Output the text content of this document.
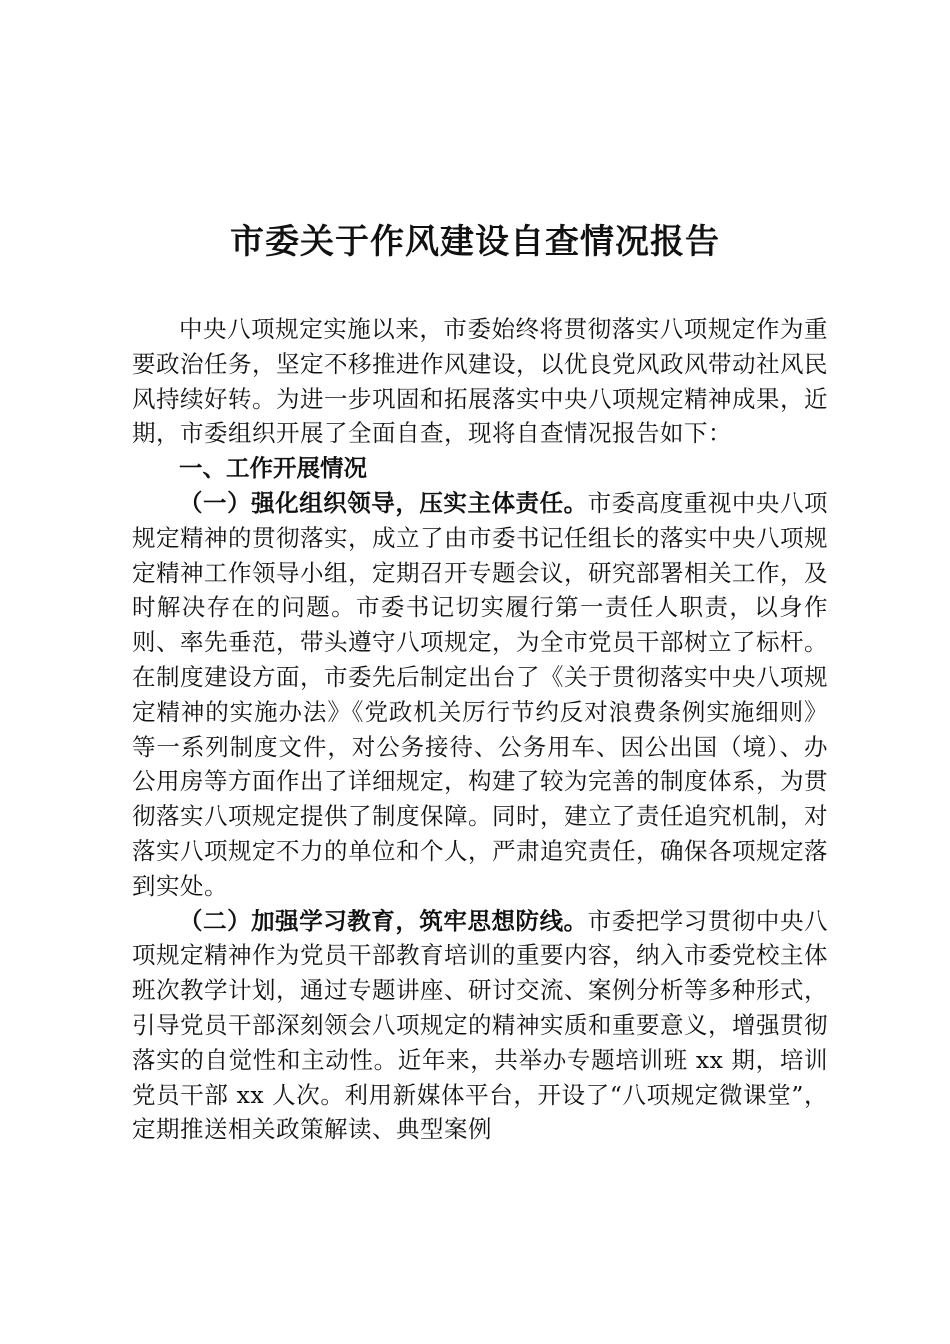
市委关于作风建设自查情况报告

中央八项规定实施以来，市委始终将贯彻落实八项规定作为重要政治任务，坚定不移推进作风建设，以优良党风政风带动社风民风持续好转。为进一步巩固和拓展落实中央八项规定精神成果，近期，市委组织开展了全面自查，现将自查情况报告如下：

一、工作开展情况

（一）强化组织领导，压实主体责任。市委高度重视中央八项规定精神的贯彻落实，成立了由市委书记任组长的落实中央八项规定精神工作领导小组，定期召开专题会议，研究部署相关工作，及时解决存在的问题。市委书记切实履行第一责任人职责，以身作则、率先垂范，带头遵守八项规定，为全市党员干部树立了标杆。在制度建设方面，市委先后制定出台了《关于贯彻落实中央八项规定精神的实施办法》《党政机关厉行节约反对浪费条例实施细则》等一系列制度文件，对公务接待、公务用车、因公出国（境）、办公用房等方面作出了详细规定，构建了较为完善的制度体系，为贯彻落实八项规定提供了制度保障。同时，建立了责任追究机制，对落实八项规定不力的单位和个人，严肃追究责任，确保各项规定落到实处。

（二）加强学习教育，筑牢思想防线。市委把学习贯彻中央八项规定精神作为党员干部教育培训的重要内容，纳入市委党校主体班次教学计划，通过专题讲座、研讨交流、案例分析等多种形式，引导党员干部深刻领会八项规定的精神实质和重要意义，增强贯彻落实的自觉性和主动性。近年来，共举办专题培训班 xx 期，培训党员干部 xx 人次。利用新媒体平台，开设了“八项规定微课堂”，定期推送相关政策解读、典型案例
